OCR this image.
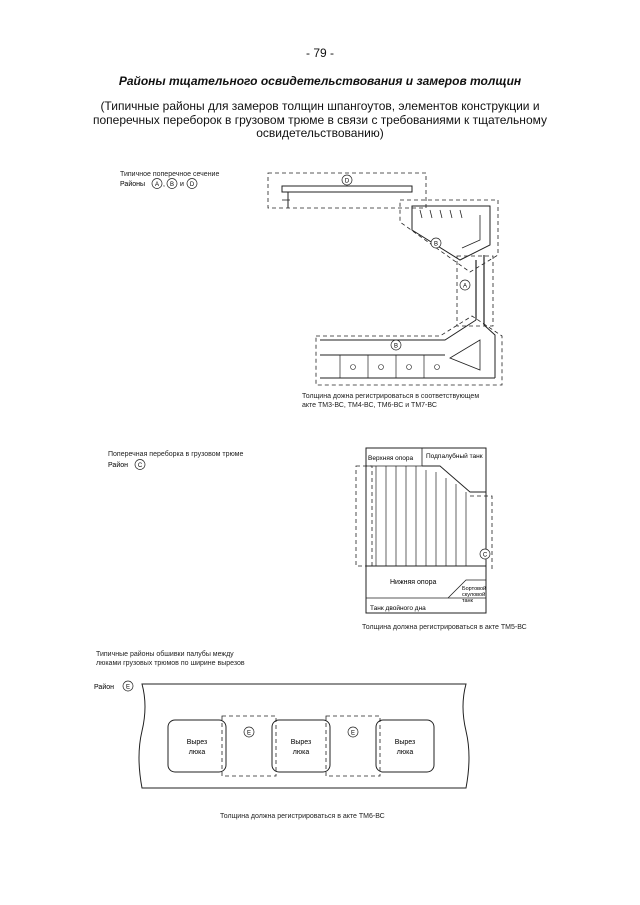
- 79 -
Районы тщательного освидетельствования и замеров толщин
(Типичные районы для замеров толщин шпангоутов, элементов конструкции и поперечных переборок в грузовом трюме в связи с требованиями к тщательному освидетельствованию)
Типичное поперечное сечение
Районы A , B и D
D
B
A
B
Толщина дожна регистрироваться в соответствующем
акте ТМ3-ВС, ТМ4-ВС, ТМ6-ВС и ТМ7-ВС
Поперечная переборка в грузовом трюме
Район C
C
Верхняя опора Подпалубный танк
Нижняя опора
Бортовой
скуловой
танк
Танк двойного дна
Толщина должна регистрироваться в акте ТМ5-ВС
Типичные районы обшивки палубы между
люками грузовых трюмов по ширине вырезов
Район E
E	E
Вырез
люка
Вырез
люка
Вырез
люка
Толщина должна регистрироваться в акте ТМ6-ВС
